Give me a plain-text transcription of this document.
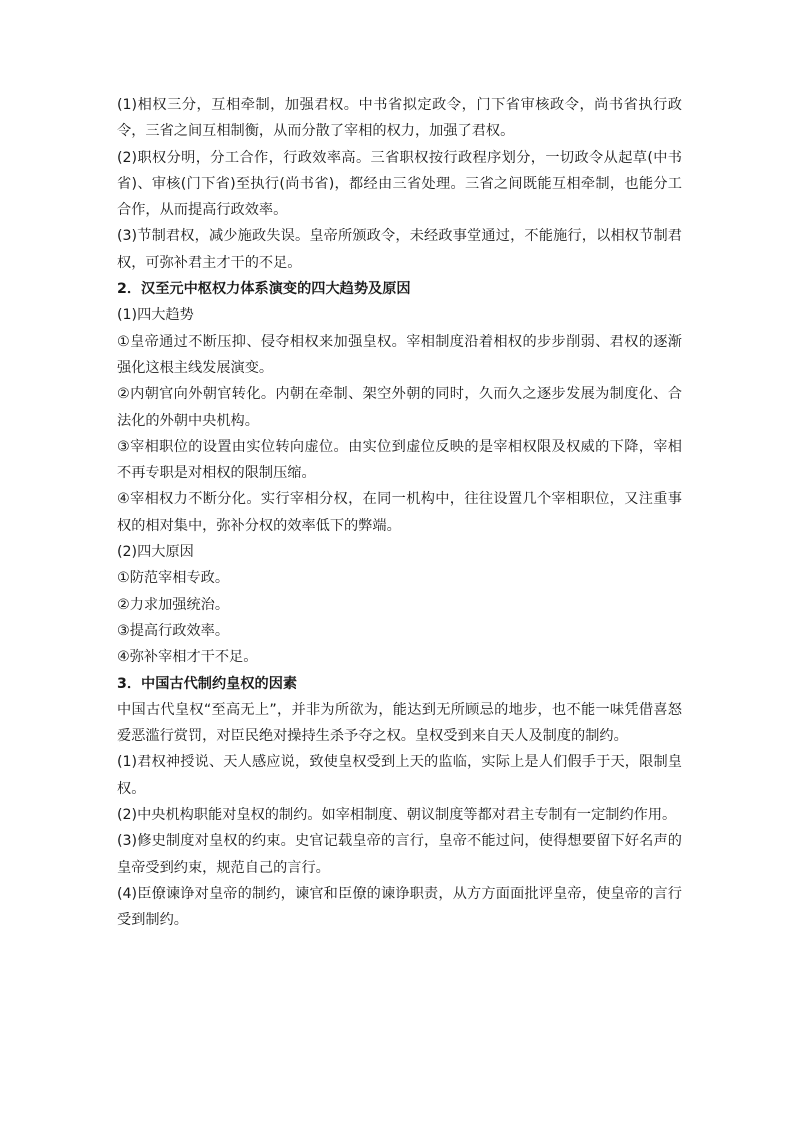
(1)相权三分，互相牵制，加强君权。中书省拟定政令，门下省审核政令，尚书省执行政令，三省之间互相制衡，从而分散了宰相的权力，加强了君权。

(2)职权分明，分工合作，行政效率高。三省职权按行政程序划分，一切政令从起草(中书省)、审核(门下省)至执行(尚书省)，都经由三省处理。三省之间既能互相牵制，也能分工合作，从而提高行政效率。

(3)节制君权，减少施政失误。皇帝所颁政令，未经政事堂通过，不能施行，以相权节制君权，可弥补君主才干的不足。

2．汉至元中枢权力体系演变的四大趋势及原因

(1)四大趋势

①皇帝通过不断压抑、侵夺相权来加强皇权。宰相制度沿着相权的步步削弱、君权的逐渐强化这根主线发展演变。

②内朝官向外朝官转化。内朝在牵制、架空外朝的同时，久而久之逐步发展为制度化、合法化的外朝中央机构。

③宰相职位的设置由实位转向虚位。由实位到虚位反映的是宰相权限及权威的下降，宰相不再专职是对相权的限制压缩。

④宰相权力不断分化。实行宰相分权，在同一机构中，往往设置几个宰相职位，又注重事权的相对集中，弥补分权的效率低下的弊端。

(2)四大原因

①防范宰相专政。

②力求加强统治。

③提高行政效率。

④弥补宰相才干不足。

3．中国古代制约皇权的因素

中国古代皇权“至高无上”，并非为所欲为，能达到无所顾忌的地步，也不能一味凭借喜怒爱恶滥行赏罚，对臣民绝对操持生杀予夺之权。皇权受到来自天人及制度的制约。

(1)君权神授说、天人感应说，致使皇权受到上天的监临，实际上是人们假手于天，限制皇权。

(2)中央机构职能对皇权的制约。如宰相制度、朝议制度等都对君主专制有一定制约作用。

(3)修史制度对皇权的约束。史官记载皇帝的言行，皇帝不能过问，使得想要留下好名声的皇帝受到约束，规范自己的言行。

(4)臣僚谏诤对皇帝的制约，谏官和臣僚的谏诤职责，从方方面面批评皇帝，使皇帝的言行受到制约。
